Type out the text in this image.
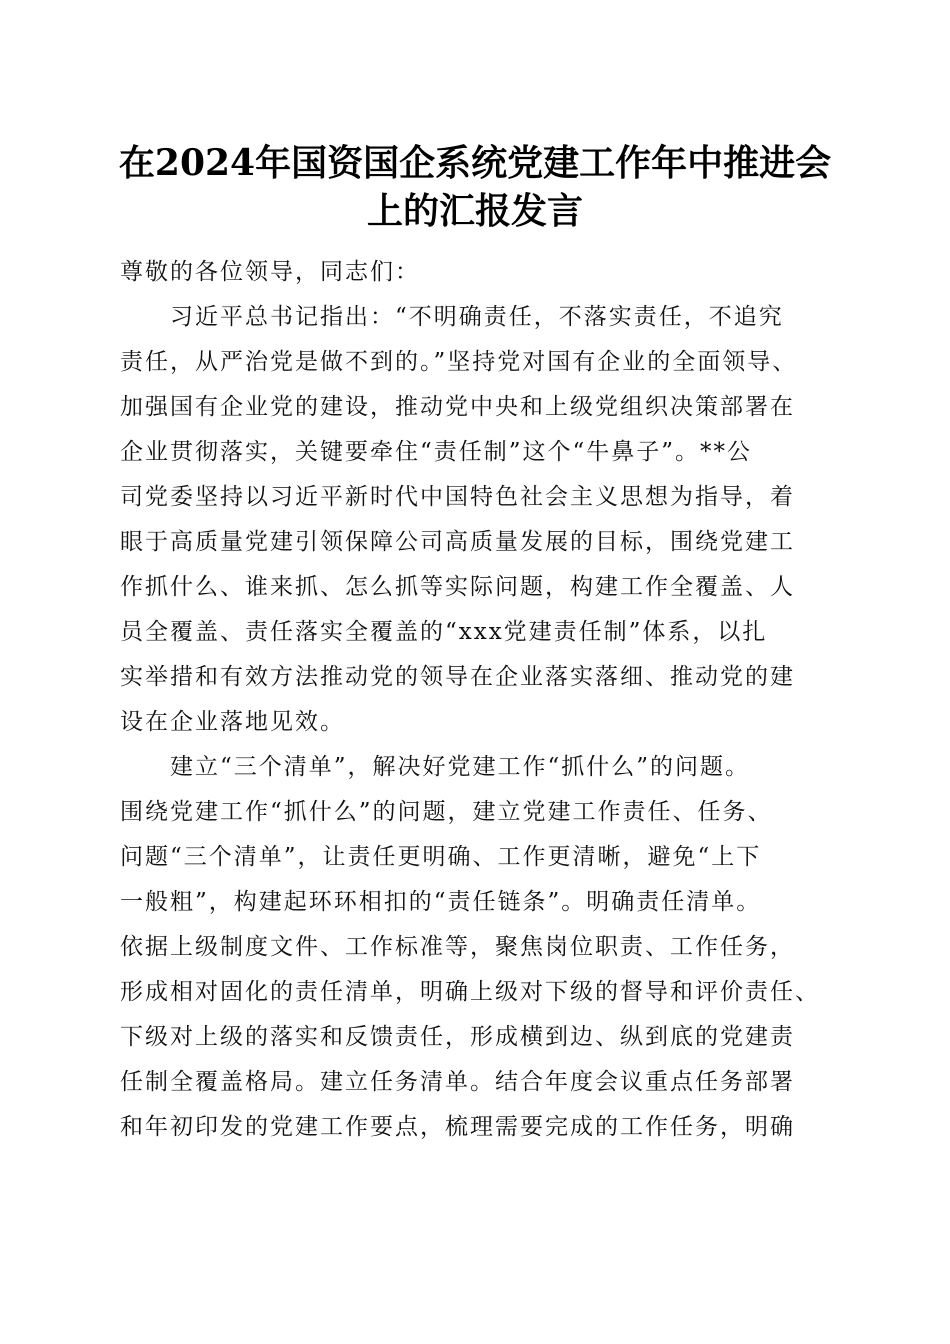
在2024年国资国企系统党建工作年中推进会
上的汇报发言
尊敬的各位领导，同志们：
习近平总书记指出：“不明确责任，不落实责任，不追究
责任，从严治党是做不到的。”坚持党对国有企业的全面领导、
加强国有企业党的建设，推动党中央和上级党组织决策部署在
企业贯彻落实，关键要牵住“责任制”这个“牛鼻子”。**公
司党委坚持以习近平新时代中国特色社会主义思想为指导，着
眼于高质量党建引领保障公司高质量发展的目标，围绕党建工
作抓什么、谁来抓、怎么抓等实际问题，构建工作全覆盖、人
员全覆盖、责任落实全覆盖的“xxx党建责任制”体系，以扎
实举措和有效方法推动党的领导在企业落实落细、推动党的建
设在企业落地见效。
建立“三个清单”，解决好党建工作“抓什么”的问题。
围绕党建工作“抓什么”的问题，建立党建工作责任、任务、
问题“三个清单”，让责任更明确、工作更清晰，避免“上下
一般粗”，构建起环环相扣的“责任链条”。明确责任清单。
依据上级制度文件、工作标准等，聚焦岗位职责、工作任务，
形成相对固化的责任清单，明确上级对下级的督导和评价责任、
下级对上级的落实和反馈责任，形成横到边、纵到底的党建责
任制全覆盖格局。建立任务清单。结合年度会议重点任务部署
和年初印发的党建工作要点，梳理需要完成的工作任务，明确
